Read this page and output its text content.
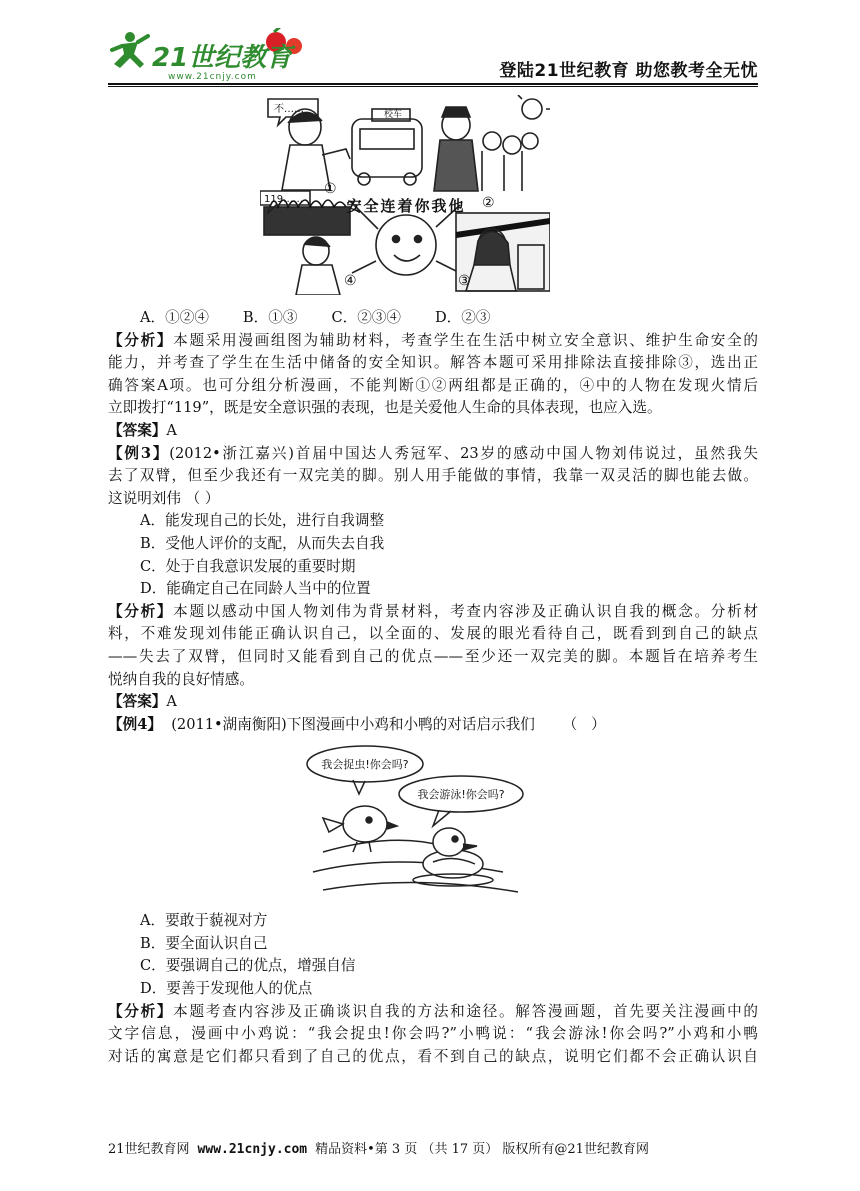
21世纪教育
www.21cnjy.com	登陆21世纪教育 助您教考全无忧
安全连着你我他
校车
不……
119……
①
②
③
④
A．①②④ B．①③ C．②③④ D．②③
【分析】本题采用漫画组图为辅助材料，考查学生在生活中树立安全意识、维护生命安全的
能力，并考查了学生在生活中储备的安全知识。解答本题可采用排除法直接排除③，选出正
确答案A项。也可分组分析漫画，不能判断①②两组都是正确的，④中的人物在发现火情后
立即拨打“119”，既是安全意识强的表现，也是关爱他人生命的具体表现，也应入选。
【答案】A
【例3】(2012•浙江嘉兴)首届中国达人秀冠军、23岁的感动中国人物刘伟说过，虽然我失
去了双臂，但至少我还有一双完美的脚。别人用手能做的事情，我靠一双灵活的脚也能去做。
这说明刘伟 （ ）
A．能发现自己的长处，进行自我调整
B．受他人评价的支配，从而失去自我
C．处于自我意识发展的重要时期
D．能确定自己在同龄人当中的位置
【分析】本题以感动中国人物刘伟为背景材料，考查内容涉及正确认识自我的概念。分析材
料，不难发现刘伟能正确认识自己，以全面的、发展的眼光看待自己，既看到到自己的缺点
——失去了双臂，但同时又能看到自己的优点——至少还一双完美的脚。本题旨在培养考生
悦纳自我的良好情感。
【答案】A
【例4】  (2011•湖南衡阳)下图漫画中小鸡和小鸭的对话启示我们      （   ）
我会捉虫!你会吗?
我会游泳!你会吗?
A．要敢于藐视对方
B．要全面认识自己
C．要强调自己的优点，增强自信
D．要善于发现他人的优点
【分析】本题考查内容涉及正确谈识自我的方法和途径。解答漫画题，首先要关注漫画中的
文字信息，漫画中小鸡说：“我会捉虫!你会吗?”小鸭说：“我会游泳!你会吗?”小鸡和小鸭
对话的寓意是它们都只看到了自己的优点，看不到自己的缺点，说明它们都不会正确认识自
21世纪教育网 www.21cnjy.com 精品资料•第 3 页 （共 17 页） 版权所有@21世纪教育网
